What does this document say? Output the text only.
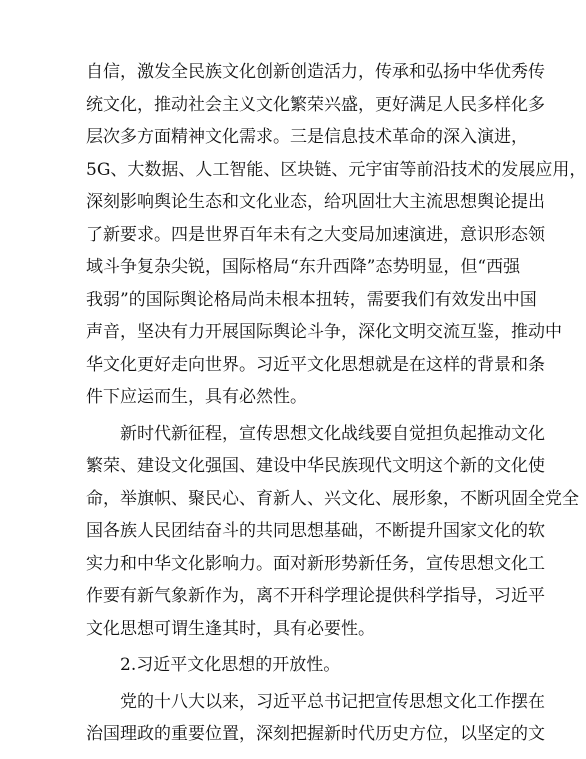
自信，激发全民族文化创新创造活力，传承和弘扬中华优秀传
统文化，推动社会主义文化繁荣兴盛，更好满足人民多样化多
层次多方面精神文化需求。三是信息技术革命的深入演进，
5G、大数据、人工智能、区块链、元宇宙等前沿技术的发展应用，
深刻影响舆论生态和文化业态，给巩固壮大主流思想舆论提出
了新要求。四是世界百年未有之大变局加速演进，意识形态领
域斗争复杂尖锐，国际格局“东升西降”态势明显，但“西强
我弱”的国际舆论格局尚未根本扭转，需要我们有效发出中国
声音，坚决有力开展国际舆论斗争，深化文明交流互鉴，推动中
华文化更好走向世界。习近平文化思想就是在这样的背景和条
件下应运而生，具有必然性。
新时代新征程，宣传思想文化战线要自觉担负起推动文化
繁荣、建设文化强国、建设中华民族现代文明这个新的文化使
命，举旗帜、聚民心、育新人、兴文化、展形象，不断巩固全党全
国各族人民团结奋斗的共同思想基础，不断提升国家文化的软
实力和中华文化影响力。面对新形势新任务，宣传思想文化工
作要有新气象新作为，离不开科学理论提供科学指导，习近平
文化思想可谓生逢其时，具有必要性。
2.习近平文化思想的开放性。
党的十八大以来，习近平总书记把宣传思想文化工作摆在
治国理政的重要位置，深刻把握新时代历史方位，以坚定的文
